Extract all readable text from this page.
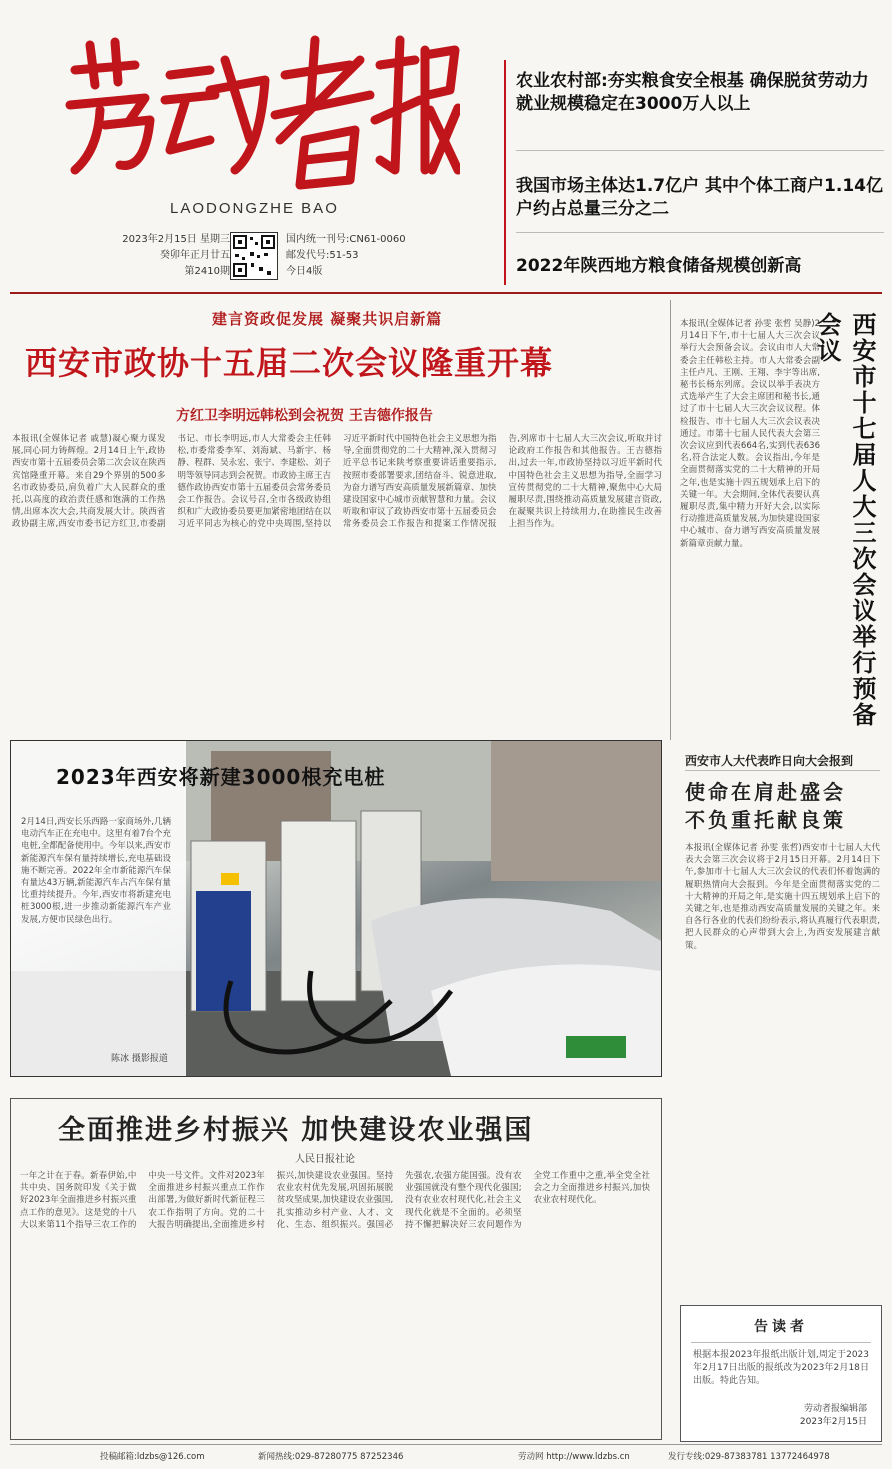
LAODONGZHE BAO
2023年2月15日 星期三
癸卯年正月廿五
第2410期
国内统一刊号:CN61-0060
邮发代号:51-53
今日4版
农业农村部:夯实粮食安全根基 确保脱贫劳动力就业规模稳定在3000万人以上
我国市场主体达1.7亿户 其中个体工商户1.14亿户约占总量三分之二
2022年陕西地方粮食储备规模创新高
建言资政促发展 凝聚共识启新篇
西安市政协十五届二次会议隆重开幕
方红卫李明远韩松到会祝贺 王吉德作报告
本报讯(全媒体记者 戚慧)凝心聚力谋发展,同心同力铸辉煌。2月14日上午,政协西安市第十五届委员会第二次会议在陕西宾馆隆重开幕。来自29个界别的500多名市政协委员,肩负着广大人民群众的重托,以高度的政治责任感和饱满的工作热情,出席本次大会,共商发展大计。陕西省政协副主席,西安市委书记方红卫,市委副书记、市长李明远,市人大常委会主任韩松,市委常委李军、刘海斌、马新宇、杨静、程群、吴永宏、张宁、李建松、刘子明等领导同志到会祝贺。市政协主席王吉德作政协西安市第十五届委员会常务委员会工作报告。会议号召,全市各级政协组织和广大政协委员要更加紧密地团结在以习近平同志为核心的党中央周围,坚持以习近平新时代中国特色社会主义思想为指导,全面贯彻党的二十大精神,深入贯彻习近平总书记来陕考察重要讲话重要指示,按照市委部署要求,团结奋斗、锐意进取,为奋力谱写西安高质量发展新篇章、加快建设国家中心城市贡献智慧和力量。会议听取和审议了政协西安市第十五届委员会常务委员会工作报告和提案工作情况报告,列席市十七届人大三次会议,听取并讨论政府工作报告和其他报告。王吉德指出,过去一年,市政协坚持以习近平新时代中国特色社会主义思想为指导,全面学习宣传贯彻党的二十大精神,聚焦中心大局履职尽责,围绕推动高质量发展建言资政,在凝聚共识上持续用力,在助推民生改善上担当作为。
本报讯(全媒体记者 孙雯 张哲 吴静)2月14日下午,市十七届人大三次会议举行大会预备会议。会议由市人大常委会主任韩松主持。市人大常委会副主任卢凡、王刚、王翔、李宇等出席,秘书长杨东列席。会议以举手表决方式选举产生了大会主席团和秘书长,通过了市十七届人大三次会议议程。体检报告、市十七届人大三次会议表决通过。市第十七届人民代表大会第三次会议应到代表664名,实到代表636名,符合法定人数。会议指出,今年是全面贯彻落实党的二十大精神的开局之年,也是实施十四五规划承上启下的关键一年。大会期间,全体代表要认真履职尽责,集中精力开好大会,以实际行动推进高质量发展,为加快建设国家中心城市、奋力谱写西安高质量发展新篇章贡献力量。	西安市十七届人大三次会议举行预备会议
2023年西安将新建3000根充电桩
2月14日,西安长乐西路一家商场外,几辆电动汽车正在充电中。这里有着7台个充电桩,全都配备使用中。今年以来,西安市新能源汽车保有量持续增长,充电基础设施不断完善。2022年全市新能源汽车保有量达43万辆,新能源汽车占汽车保有量比重持续提升。今年,西安市将新建充电桩3000根,进一步推动新能源汽车产业发展,方便市民绿色出行。
陈冰 摄影报道
西安市人大代表昨日向大会报到
使命在肩赴盛会
不负重托献良策
本报讯(全媒体记者 孙雯 张哲)西安市十七届人大代表大会第三次会议将于2月15日开幕。2月14日下午,参加市十七届人大三次会议的代表们怀着饱满的履职热情向大会报到。今年是全面贯彻落实党的二十大精神的开局之年,是实施十四五规划承上启下的关键之年,也是推动西安高质量发展的关键之年。来自各行各业的代表们纷纷表示,将认真履行代表职责,把人民群众的心声带到大会上,为西安发展建言献策。
全面推进乡村振兴 加快建设农业强国
人民日报社论
一年之计在于春。新春伊始,中共中央、国务院印发《关于做好2023年全面推进乡村振兴重点工作的意见》。这是党的十八大以来第11个指导三农工作的中央一号文件。文件对2023年全面推进乡村振兴重点工作作出部署,为做好新时代新征程三农工作指明了方向。党的二十大报告明确提出,全面推进乡村振兴,加快建设农业强国。坚持农业农村优先发展,巩固拓展脱贫攻坚成果,加快建设农业强国,扎实推动乡村产业、人才、文化、生态、组织振兴。强国必先强农,农强方能国强。没有农业强国就没有整个现代化强国;没有农业农村现代化,社会主义现代化就是不全面的。必须坚持不懈把解决好三农问题作为全党工作重中之重,举全党全社会之力全面推进乡村振兴,加快农业农村现代化。
告读者
根据本报2023年报纸出版计划,周定于2023年2月17日出版的报纸改为2023年2月18日出版。特此告知。
劳动者报编辑部
2023年2月15日
投稿邮箱:ldzbs@126.com	新闻热线:029-87280775 87252346	劳动网 http://www.ldzbs.cn	发行专线:029-87383781 13772464978
